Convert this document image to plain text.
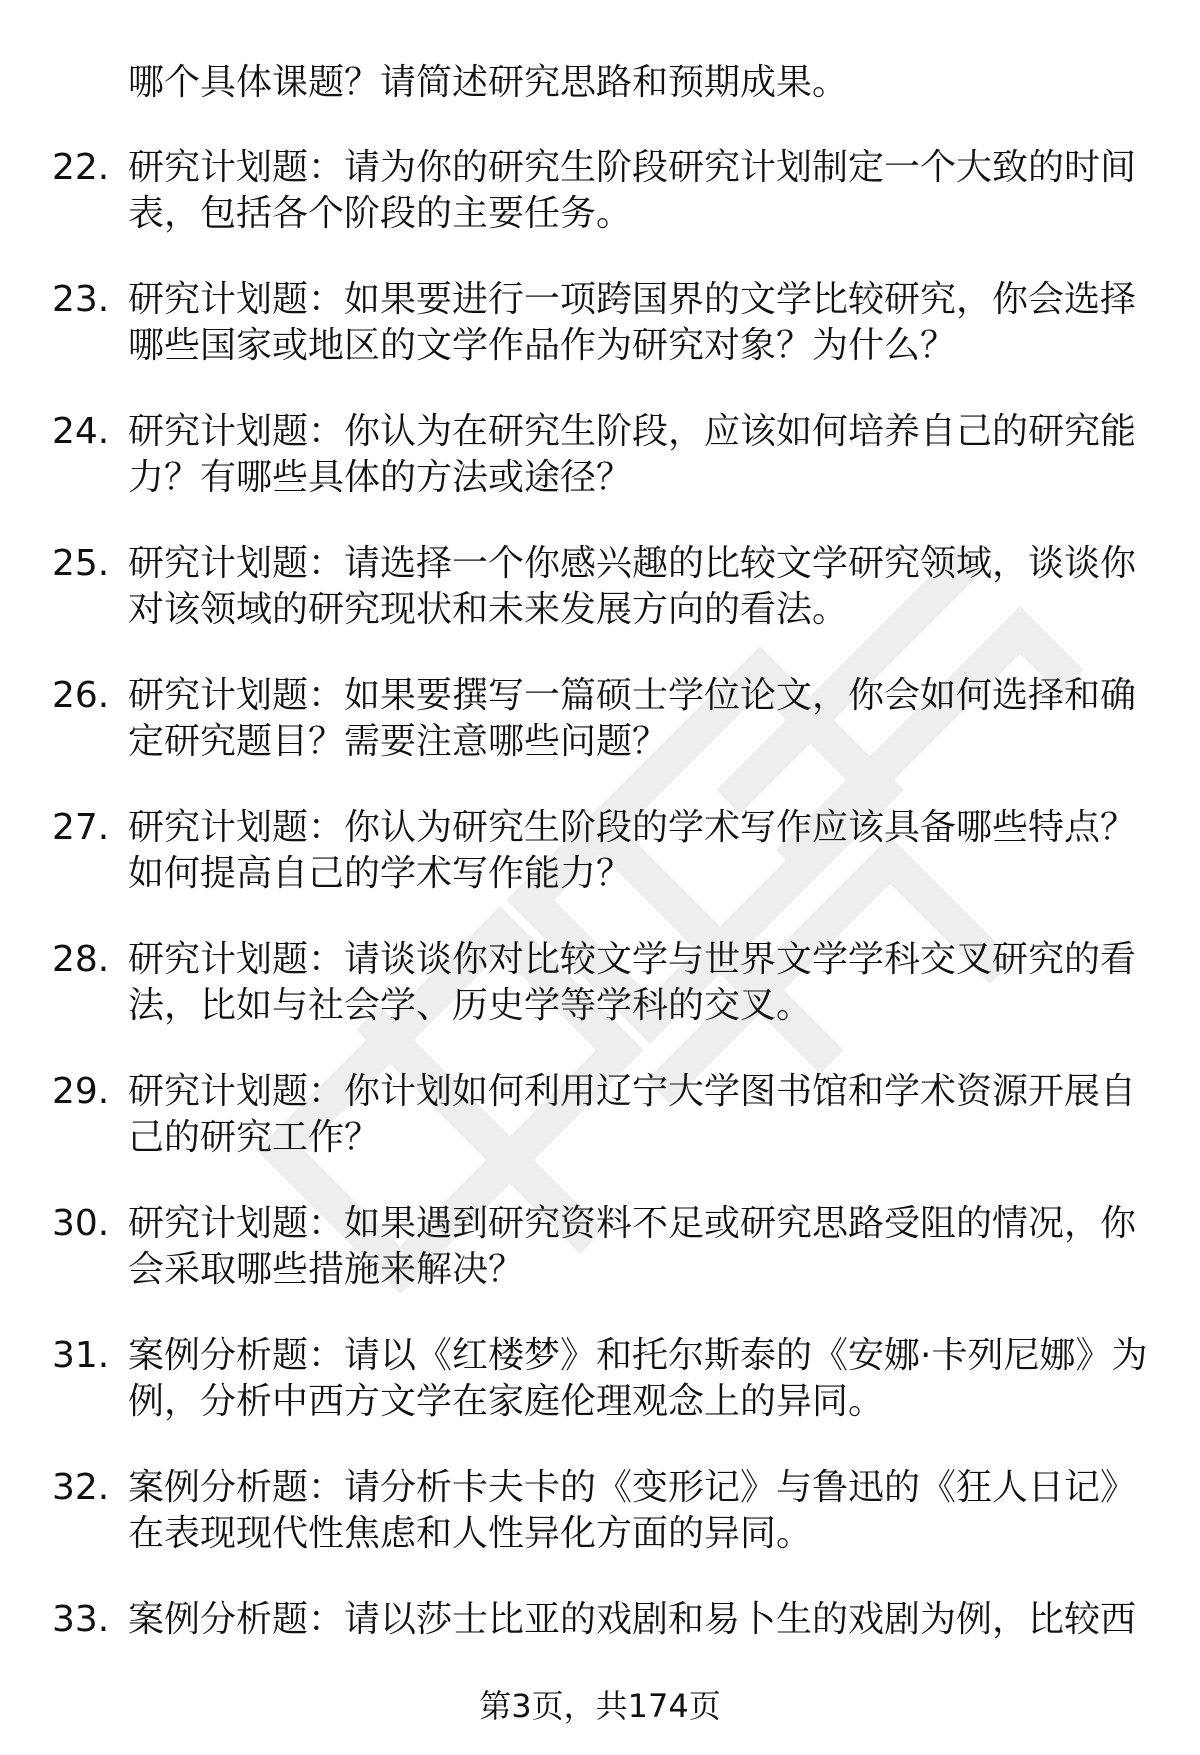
哪个具体课题？请简述研究思路和预期成果。
22. 研究计划题：请为你的研究生阶段研究计划制定一个大致的时间
表，包括各个阶段的主要任务。
23. 研究计划题：如果要进行一项跨国界的文学比较研究，你会选择
哪些国家或地区的文学作品作为研究对象？为什么？
24. 研究计划题：你认为在研究生阶段，应该如何培养自己的研究能
力？有哪些具体的方法或途径？
25. 研究计划题：请选择一个你感兴趣的比较文学研究领域，谈谈你
对该领域的研究现状和未来发展方向的看法。
26. 研究计划题：如果要撰写一篇硕士学位论文，你会如何选择和确
定研究题目？需要注意哪些问题？
27. 研究计划题：你认为研究生阶段的学术写作应该具备哪些特点？
如何提高自己的学术写作能力？
28. 研究计划题：请谈谈你对比较文学与世界文学学科交叉研究的看
法，比如与社会学、历史学等学科的交叉。
29. 研究计划题：你计划如何利用辽宁大学图书馆和学术资源开展自
己的研究工作？
30. 研究计划题：如果遇到研究资料不足或研究思路受阻的情况，你
会采取哪些措施来解决？
31. 案例分析题：请以《红楼梦》和托尔斯泰的《安娜·卡列尼娜》为
例，分析中西方文学在家庭伦理观念上的异同。
32. 案例分析题：请分析卡夫卡的《变形记》与鲁迅的《狂人日记》
在表现现代性焦虑和人性异化方面的异同。
33. 案例分析题：请以莎士比亚的戏剧和易卜生的戏剧为例，比较西
第3页，共174页
